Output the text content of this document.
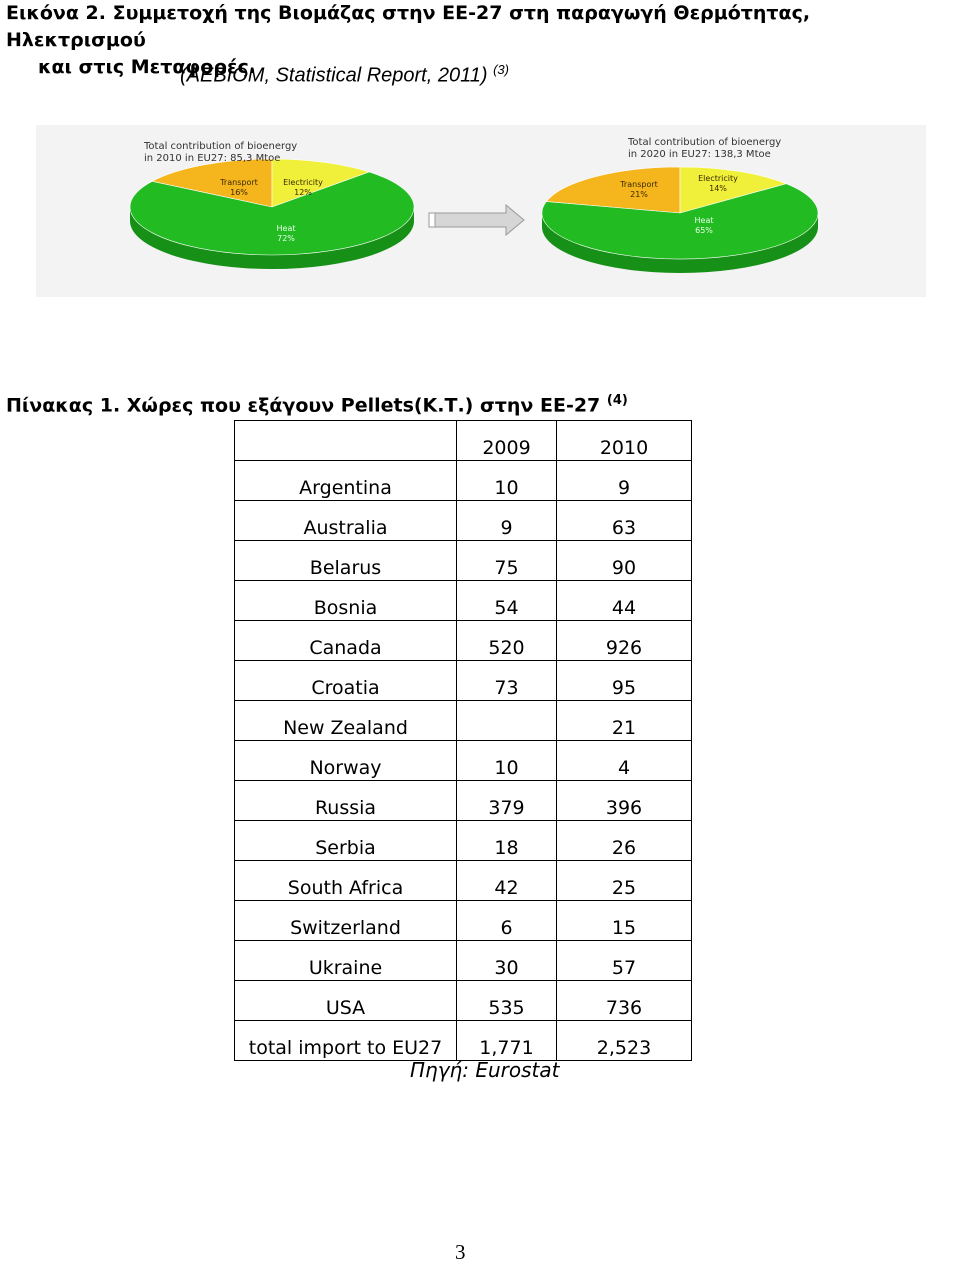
Εικόνα 2. Συμμετοχή της Βιομάζας στην ΕΕ-27 στη παραγωγή Θερμότητας, Ηλεκτρισμού
και στις Μεταφορές.
(AEBIOM, Statistical Report, 2011) $^{(3)}$
Transport
16%
Electricity
12%
Heat
72%
Total contribution of bioenergy
in 2010 in EU27: 85,3 Mtoe
Transport
21%
Electricity
14%
Heat
65%
Total contribution of bioenergy
in 2020 in EU27: 138,3 Mtoe
Πίνακας 1. Χώρες που εξάγουν Pellets(Κ.Τ.) στην ΕΕ-27 $^{(4)}$
	2009	2010
Argentina	10	9
Australia	9	63
Belarus	75	90
Bosnia	54	44
Canada	520	926
Croatia	73	95
New Zealand		21
Norway	10	4
Russia	379	396
Serbia	18	26
South Africa	42	25
Switzerland	6	15
Ukraine	30	57
USA	535	736
total import to EU27	1,771	2,523
Πηγή: Eurostat
3
